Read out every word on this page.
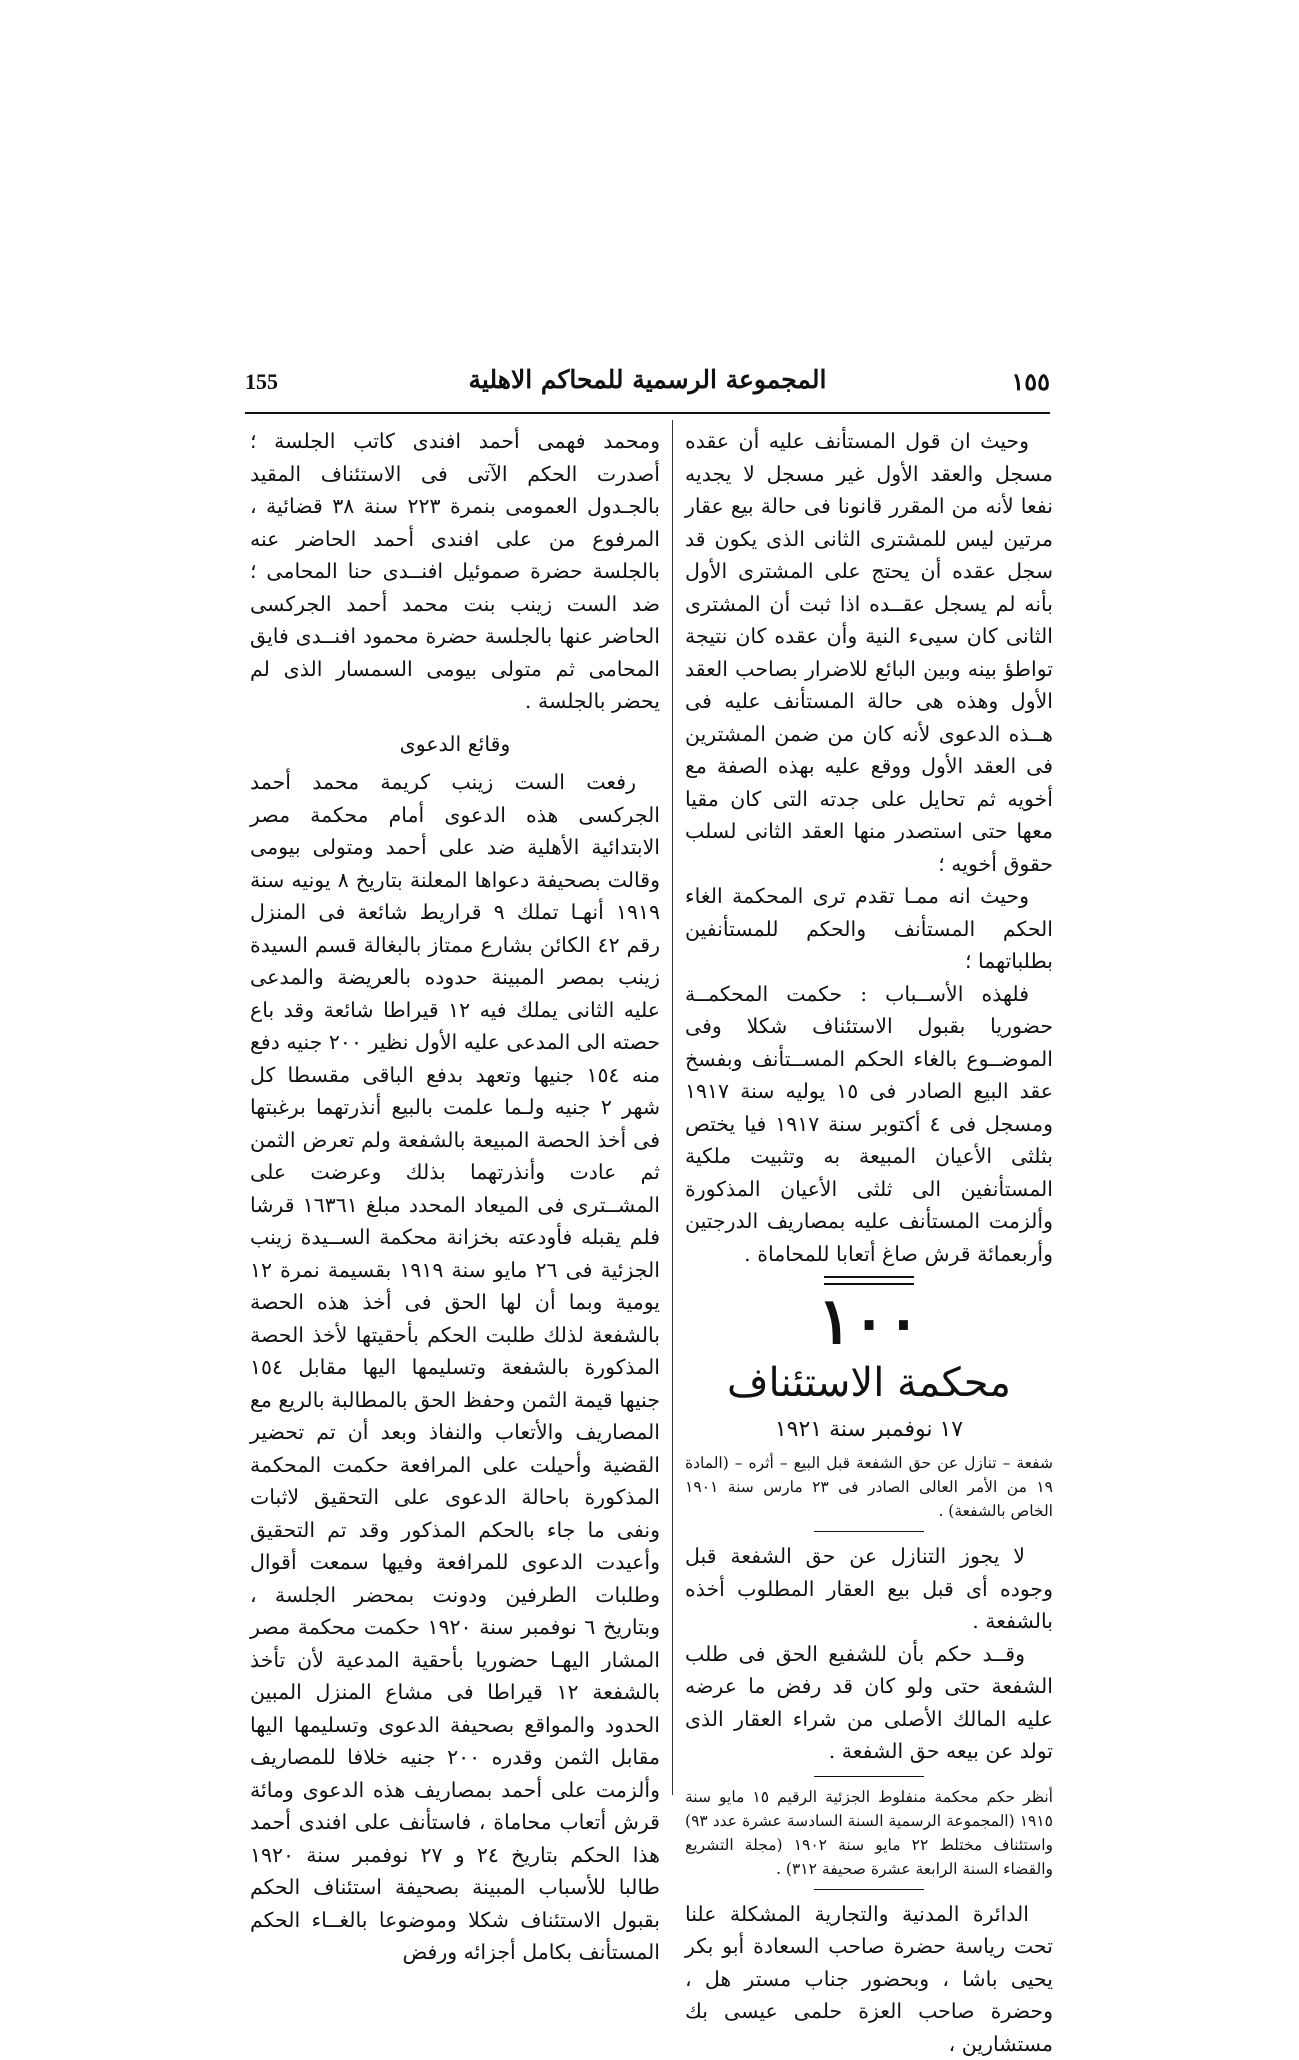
155	المجموعة الرسمية للمحاكم الاهلية	١٥٥

وحيث ان قول المستأنف عليه أن عقده مسجل والعقد الأول غير مسجل لا يجديه نفعا لأنه من المقرر قانونا فى حالة بيع عقار مرتين ليس للمشترى الثانى الذى يكون قد سجل عقده أن يحتج على المشترى الأول بأنه لم يسجل عقــده اذا ثبت أن المشترى الثانى كان سيىء النية وأن عقده كان نتيجة تواطؤ بينه وبين البائع للاضرار بصاحب العقد الأول وهذه هى حالة المستأنف عليه فى هــذه الدعوى لأنه كان من ضمن المشترين فى العقد الأول ووقع عليه بهذه الصفة مع أخويه ثم تحايل على جدته التى كان مقيا معها حتى استصدر منها العقد الثانى لسلب حقوق أخويه ؛

وحيث انه ممـا تقدم ترى المحكمة الغاء الحكم المستأنف والحكم للمستأنفين بطلباتهما ؛

فلهذه الأســباب : حكمت المحكمــة حضوريا بقبول الاستئناف شكلا وفى الموضــوع بالغاء الحكم المســتأنف وبفسخ عقد البيع الصادر فى ١٥ يوليه سنة ١٩١٧ ومسجل فى ٤ أكتوبر سنة ١٩١٧ فيا يختص بثلثى الأعيان المبيعة به وتثبيت ملكية المستأنفين الى ثلثى الأعيان المذكورة وألزمت المستأنف عليه بمصاريف الدرجتين وأربعمائة قرش صاغ أتعابا للمحاماة .

١٠٠

محكمة الاستئناف

١٧ نوفمبر سنة ١٩٢١

شفعة – تنازل عن حق الشفعة قبل البيع – أثره – (المادة ١٩ من الأمر العالى الصادر فى ٢٣ مارس سنة ١٩٠١ الخاص بالشفعة) .

لا يجوز التنازل عن حق الشفعة قبل وجوده أى قبل بيع العقار المطلوب أخذه بالشفعة .

وقــد حكم بأن للشفيع الحق فى طلب الشفعة حتى ولو كان قد رفض ما عرضه عليه المالك الأصلى من شراء العقار الذى تولد عن بيعه حق الشفعة .

أنظر حكم محكمة منفلوط الجزئية الرقيم ١٥ مايو سنة ١٩١٥ (المجموعة الرسمية السنة السادسة عشرة عدد ٩٣) واستئناف مختلط ٢٢ مايو سنة ١٩٠٢ (مجلة التشريع والقضاء السنة الرابعة عشرة صحيفة ٣١٢) .

الدائرة المدنية والتجارية المشكلة علنا تحت رياسة حضرة صاحب السعادة أبو بكر يحيى باشا ، وبحضور جناب مستر هل ، وحضرة صاحب العزة حلمى عيسى بك مستشارين ،

ومحمد فهمى أحمد افندى كاتب الجلسة ؛ أصدرت الحكم الآتى فى الاستئناف المقيد بالجـدول العمومى بنمرة ٢٢٣ سنة ٣٨ قضائية ، المرفوع من على افندى أحمد الحاضر عنه بالجلسة حضرة صموئيل افنــدى حنا المحامى ؛ ضد الست زينب بنت محمد أحمد الجركسى الحاضر عنها بالجلسة حضرة محمود افنــدى فايق المحامى ثم متولى بيومى السمسار الذى لم يحضر بالجلسة .

وقائع الدعوى

رفعت الست زينب كريمة محمد أحمد الجركسى هذه الدعوى أمام محكمة مصر الابتدائية الأهلية ضد على أحمد ومتولى بيومى وقالت بصحيفة دعواها المعلنة بتاريخ ٨ يونيه سنة ١٩١٩ أنهـا تملك ٩ قراريط شائعة فى المنزل رقم ٤٢ الكائن بشارع ممتاز بالبغالة قسم السيدة زينب بمصر المبينة حدوده بالعريضة والمدعى عليه الثانى يملك فيه ١٢ قيراطا شائعة وقد باع حصته الى المدعى عليه الأول نظير ٢٠٠ جنيه دفع منه ١٥٤ جنيها وتعهد بدفع الباقى مقسطا كل شهر ٢ جنيه ولـما علمت بالبيع أنذرتهما برغبتها فى أخذ الحصة المبيعة بالشفعة ولم تعرض الثمن ثم عادت وأنذرتهما بذلك وعرضت على المشــترى فى الميعاد المحدد مبلغ ١٦٣٦١ قرشا فلم يقبله فأودعته بخزانة محكمة الســيدة زينب الجزئية فى ٢٦ مايو سنة ١٩١٩ بقسيمة نمرة ١٢ يومية وبما أن لها الحق فى أخذ هذه الحصة بالشفعة لذلك طلبت الحكم بأحقيتها لأخذ الحصة المذكورة بالشفعة وتسليمها اليها مقابل ١٥٤ جنيها قيمة الثمن وحفظ الحق بالمطالبة بالريع مع المصاريف والأتعاب والنفاذ وبعد أن تم تحضير القضية وأحيلت على المرافعة حكمت المحكمة المذكورة باحالة الدعوى على التحقيق لاثبات ونفى ما جاء بالحكم المذكور وقد تم التحقيق وأعيدت الدعوى للمرافعة وفيها سمعت أقوال وطلبات الطرفين ودونت بمحضر الجلسة ، وبتاريخ ٦ نوفمبر سنة ١٩٢٠ حكمت محكمة مصر المشار اليهـا حضوريا بأحقية المدعية لأن تأخذ بالشفعة ١٢ قيراطا فى مشاع المنزل المبين الحدود والمواقع بصحيفة الدعوى وتسليمها اليها مقابل الثمن وقدره ٢٠٠ جنيه خلافا للمصاريف وألزمت على أحمد بمصاريف هذه الدعوى ومائة قرش أتعاب محاماة ، فاستأنف على افندى أحمد هذا الحكم بتاريخ ٢٤ و ٢٧ نوفمبر سنة ١٩٢٠ طالبا للأسباب المبينة بصحيفة استئناف الحكم بقبول الاستئناف شكلا وموضوعا بالغــاء الحكم المستأنف بكامل أجزائه ورفض
